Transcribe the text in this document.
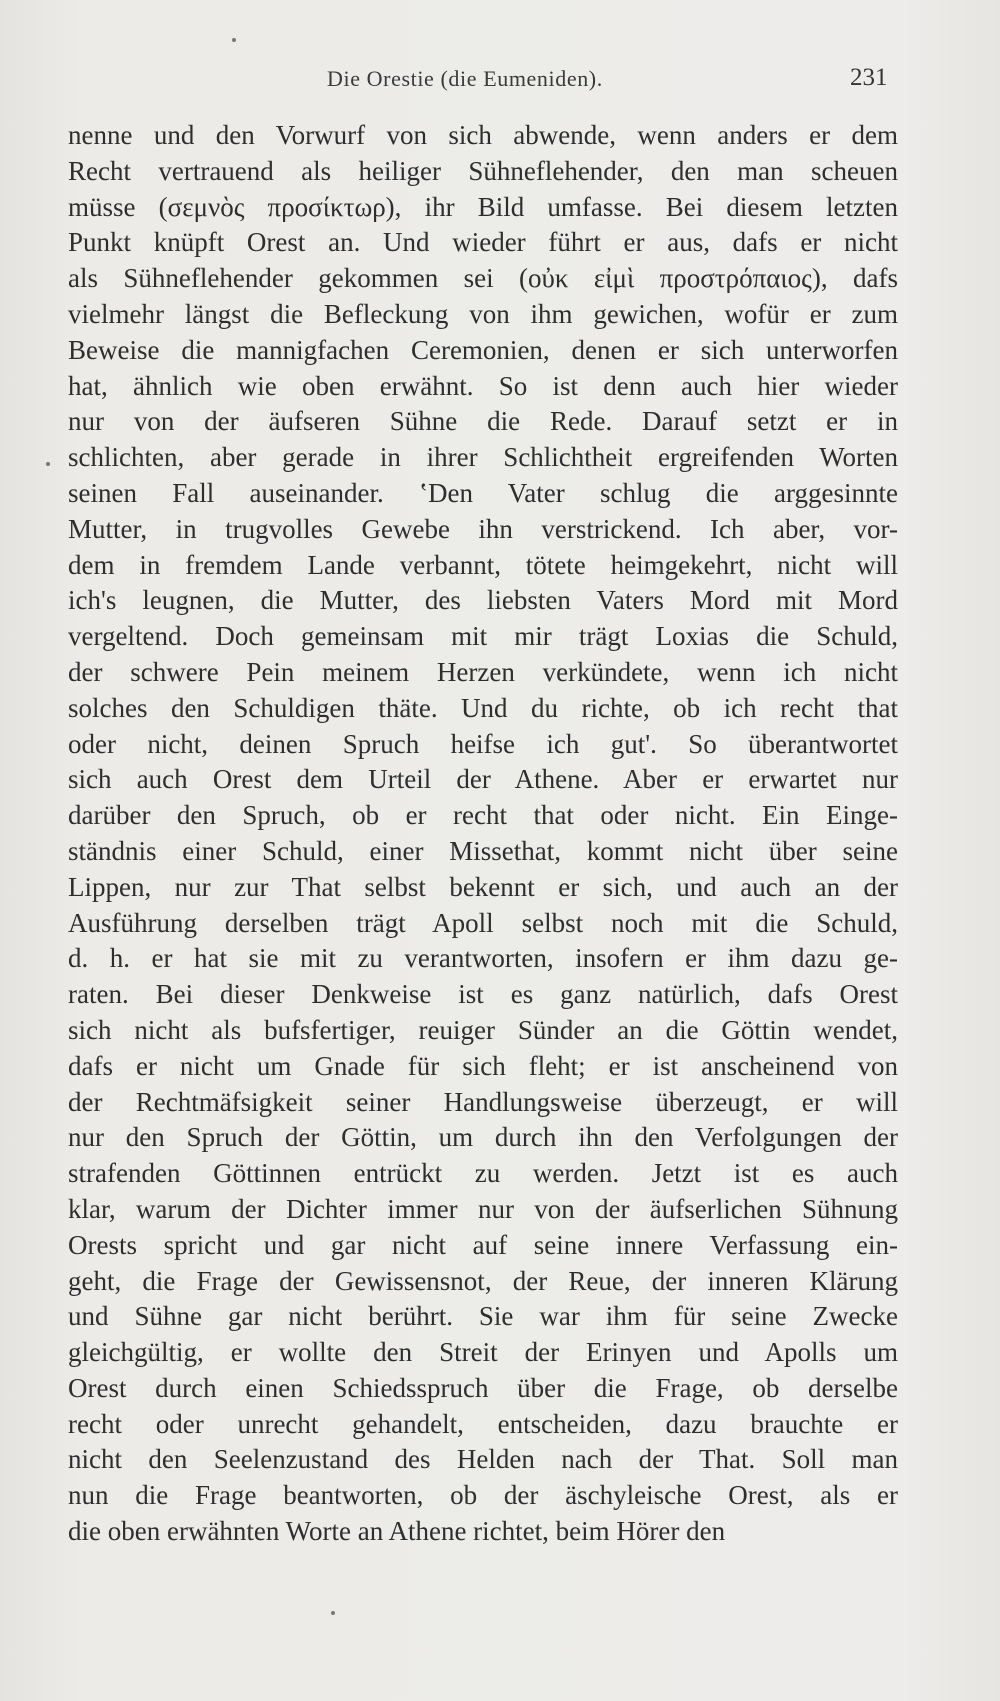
Die Orestie (die Eumeniden).	231
nenne und den Vorwurf von sich abwende, wenn anders er dem
Recht vertrauend als heiliger Sühneflehender, den man scheuen
müsse (σεμνὸς προσίκτωρ), ihr Bild umfasse. Bei diesem letzten
Punkt knüpft Orest an. Und wieder führt er aus, dafs er nicht
als Sühneflehender gekommen sei (οὐκ εἰμὶ προστρόπαιος), dafs
vielmehr längst die Befleckung von ihm gewichen, wofür er zum
Beweise die mannigfachen Ceremonien, denen er sich unterworfen
hat, ähnlich wie oben erwähnt. So ist denn auch hier wieder
nur von der äufseren Sühne die Rede. Darauf setzt er in
schlichten, aber gerade in ihrer Schlichtheit ergreifenden Worten
seinen Fall auseinander. ʽDen Vater schlug die arggesinnte
Mutter, in trugvolles Gewebe ihn verstrickend. Ich aber, vor-
dem in fremdem Lande verbannt, tötete heimgekehrt, nicht will
ich's leugnen, die Mutter, des liebsten Vaters Mord mit Mord
vergeltend. Doch gemeinsam mit mir trägt Loxias die Schuld,
der schwere Pein meinem Herzen verkündete, wenn ich nicht
solches den Schuldigen thäte. Und du richte, ob ich recht that
oder nicht, deinen Spruch heifse ich gut'. So überantwortet
sich auch Orest dem Urteil der Athene. Aber er erwartet nur
darüber den Spruch, ob er recht that oder nicht. Ein Einge-
ständnis einer Schuld, einer Missethat, kommt nicht über seine
Lippen, nur zur That selbst bekennt er sich, und auch an der
Ausführung derselben trägt Apoll selbst noch mit die Schuld,
d. h. er hat sie mit zu verantworten, insofern er ihm dazu ge-
raten. Bei dieser Denkweise ist es ganz natürlich, dafs Orest
sich nicht als bufsfertiger, reuiger Sünder an die Göttin wendet,
dafs er nicht um Gnade für sich fleht; er ist anscheinend von
der Rechtmäfsigkeit seiner Handlungsweise überzeugt, er will
nur den Spruch der Göttin, um durch ihn den Verfolgungen der
strafenden Göttinnen entrückt zu werden. Jetzt ist es auch
klar, warum der Dichter immer nur von der äufserlichen Sühnung
Orests spricht und gar nicht auf seine innere Verfassung ein-
geht, die Frage der Gewissensnot, der Reue, der inneren Klärung
und Sühne gar nicht berührt. Sie war ihm für seine Zwecke
gleichgültig, er wollte den Streit der Erinyen und Apolls um
Orest durch einen Schiedsspruch über die Frage, ob derselbe
recht oder unrecht gehandelt, entscheiden, dazu brauchte er
nicht den Seelenzustand des Helden nach der That. Soll man
nun die Frage beantworten, ob der äschyleische Orest, als er
die oben erwähnten Worte an Athene richtet, beim Hörer den
